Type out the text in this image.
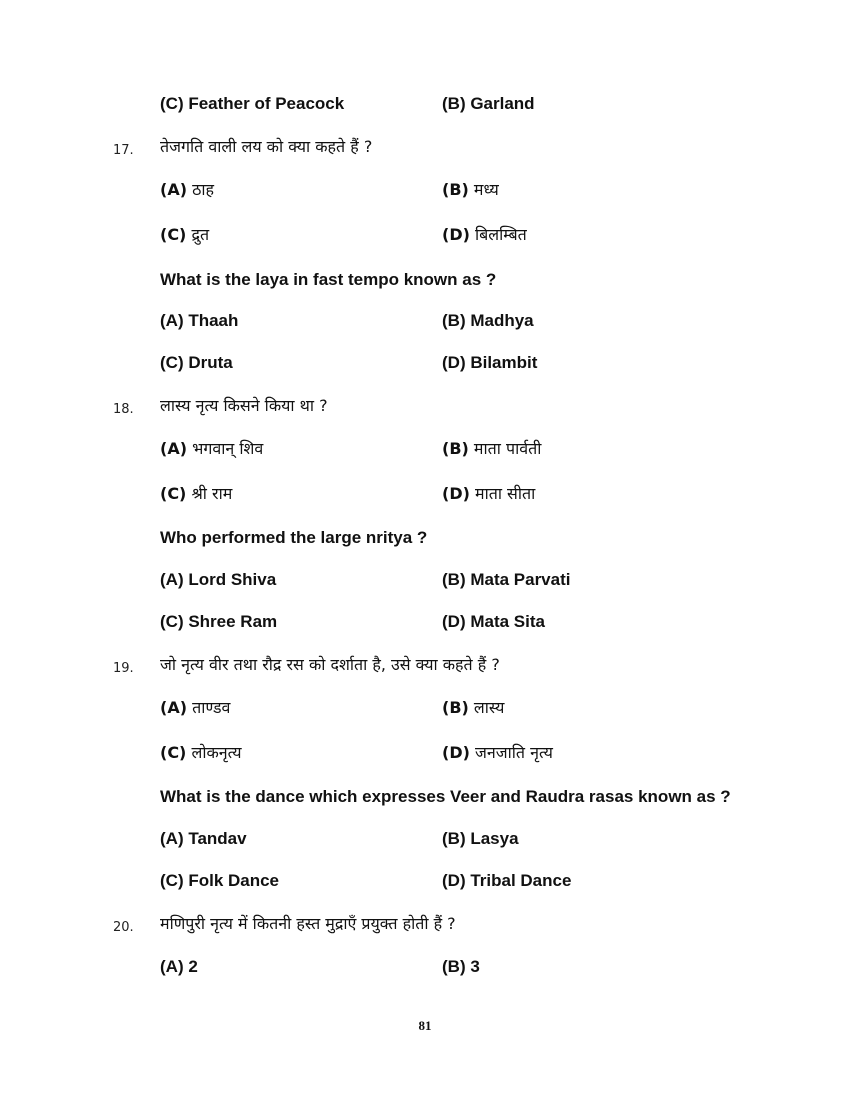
(C) Feather of Peacock	(B) Garland
17. तेजगति वाली लय को क्या कहते हैं ?
(A) ठाह	(B) मध्य
(C) द्रुत	(D) बिलम्बित
What is the laya in fast tempo known as ?
(A) Thaah	(B) Madhya
(C) Druta	(D) Bilambit
18. लास्य नृत्य किसने किया था ?
(A) भगवान् शिव	(B) माता पार्वती
(C) श्री राम	(D) माता सीता
Who performed the large nritya ?
(A) Lord Shiva	(B) Mata Parvati
(C) Shree Ram	(D) Mata Sita
19. जो नृत्य वीर तथा रौद्र रस को दर्शाता है, उसे क्या कहते हैं ?
(A) ताण्डव	(B) लास्य
(C) लोकनृत्य	(D) जनजाति नृत्य
What is the dance which expresses Veer and Raudra rasas known as ?
(A) Tandav	(B) Lasya
(C) Folk Dance	(D) Tribal Dance
20. मणिपुरी नृत्य में कितनी हस्त मुद्राएँ प्रयुक्त होती हैं ?
(A) 2	(B) 3
81
